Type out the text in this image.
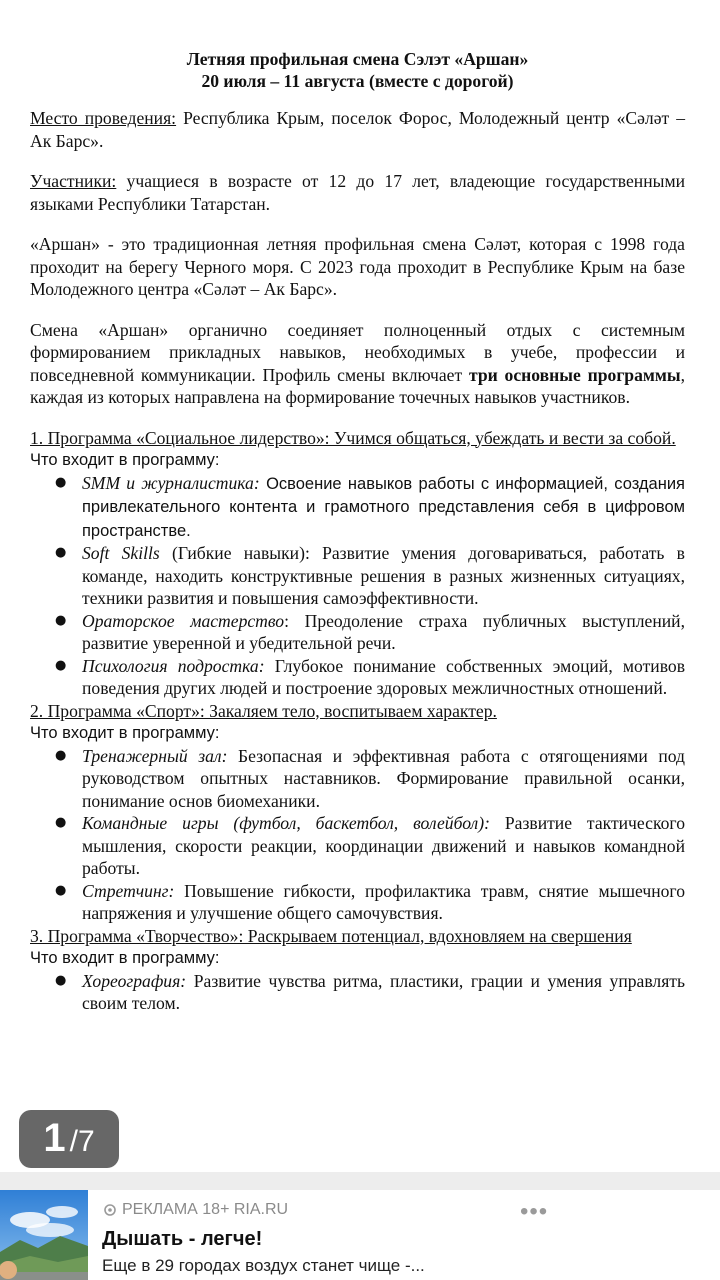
Летняя профильная смена Сэлэт «Аршан»
20 июля – 11 августа (вместе с дорогой)

Место проведения: Республика Крым, поселок Форос, Молодежный центр «Сәләт – Ак Барс».

Участники: учащиеся в возрасте от 12 до 17 лет, владеющие государственными языками Республики Татарстан.

«Аршан» - это традиционная летняя профильная смена Сәләт, которая с 1998 года проходит на берегу Черного моря. С 2023 года проходит в Республике Крым на базе Молодежного центра «Сәләт – Ак Барс».

Смена «Аршан» органично соединяет полноценный отдых с системным формированием прикладных навыков, необходимых в учебе, профессии и повседневной коммуникации. Профиль смены включает три основные программы, каждая из которых направлена на формирование точечных навыков участников.

1. Программа «Социальное лидерство»: Учимся общаться, убеждать и вести за собой.
Что входит в программу:
● SMM и журналистика: Освоение навыков работы с информацией, создания привлекательного контента и грамотного представления себя в цифровом пространстве.
● Soft Skills (Гибкие навыки): Развитие умения договариваться, работать в команде, находить конструктивные решения в разных жизненных ситуациях, техники развития и повышения самоэффективности.
● Ораторское мастерство: Преодоление страха публичных выступлений, развитие уверенной и убедительной речи.
● Психология подростка: Глубокое понимание собственных эмоций, мотивов поведения других людей и построение здоровых межличностных отношений.
2. Программа «Спорт»: Закаляем тело, воспитываем характер.
Что входит в программу:
● Тренажерный зал: Безопасная и эффективная работа с отягощениями под руководством опытных наставников. Формирование правильной осанки, понимание основ биомеханики.
● Командные игры (футбол, баскетбол, волейбол): Развитие тактического мышления, скорости реакции, координации движений и навыков командной работы.
● Стретчинг: Повышение гибкости, профилактика травм, снятие мышечного напряжения и улучшение общего самочувствия.
3. Программа «Творчество»: Раскрываем потенциал, вдохновляем на свершения
Что входит в программу:
● Хореография: Развитие чувства ритма, пластики, грации и умения управлять своим телом.
1 /7
РЕКЛАМА 18+ RIA.RU	•••
Дышать - легче!
Еще в 29 городах воздух станет чище -...
